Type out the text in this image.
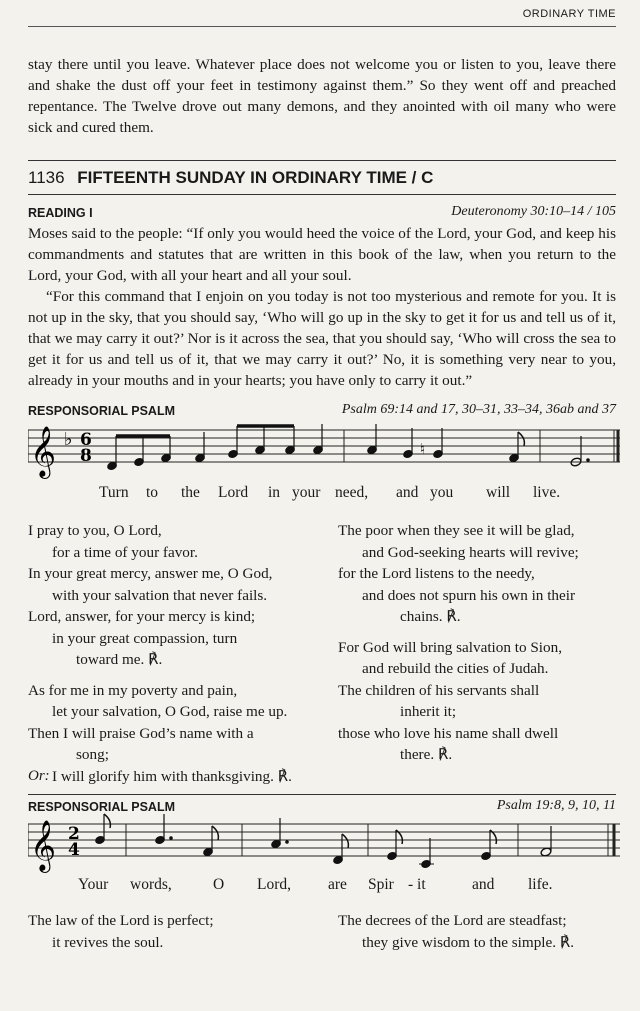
ORDINARY TIME

stay there until you leave. Whatever place does not welcome you or listen to you, leave there and shake the dust off your feet in testimony against them.” So they went off and preached repentance. The Twelve drove out many demons, and they anointed with oil many who were sick and cured them.

1136 FIFTEENTH SUNDAY IN ORDINARY TIME / C
READING I	Deuteronomy 30:10–14 / 105

Moses said to the people: “If only you would heed the voice of the Lord, your God, and keep his commandments and statutes that are written in this book of the law, when you return to the Lord, your God, with all your heart and all your soul.

“For this command that I enjoin on you today is not too mysterious and remote for you. It is not up in the sky, that you should say, ‘Who will go up in the sky to get it for us and tell us of it, that we may carry it out?’ Nor is it across the sea, that you should say, ‘Who will cross the sea to get it for us and tell us of it, that we may carry it out?’ No, it is something very near to you, already in your mouths and in your hearts; you have only to carry it out.”

RESPONSORIAL PSALM	Psalm 69:14 and 17, 30–31, 33–34, 36ab and 37
𝄞 ♭ 6
8	♮
Turn to the Lord in your need, and you will live.
I pray to you, O Lord,
for a time of your favor.
In your great mercy, answer me, O God,
with your salvation that never fails.
Lord, answer, for your mercy is kind;
in your great compassion, turn
toward me. ℟.
As for me in my poverty and pain,
let your salvation, O God, raise me up.
Then I will praise God’s name with a
song;
I will glorify him with thanksgiving. ℟.
The poor when they see it will be glad,
and God-seeking hearts will revive;
for the Lord listens to the needy,
and does not spurn his own in their
chains. ℟.
For God will bring salvation to Sion,
and rebuild the cities of Judah.
The children of his servants shall
inherit it;
those who love his name shall dwell
there. ℟.
Or:
RESPONSORIAL PSALM	Psalm 19:8, 9, 10, 11
𝄞 2
4
Your words,	O Lord, are Spir - it	and life.
The law of the Lord is perfect;
it revives the soul.
The decrees of the Lord are steadfast;
they give wisdom to the simple. ℟.
